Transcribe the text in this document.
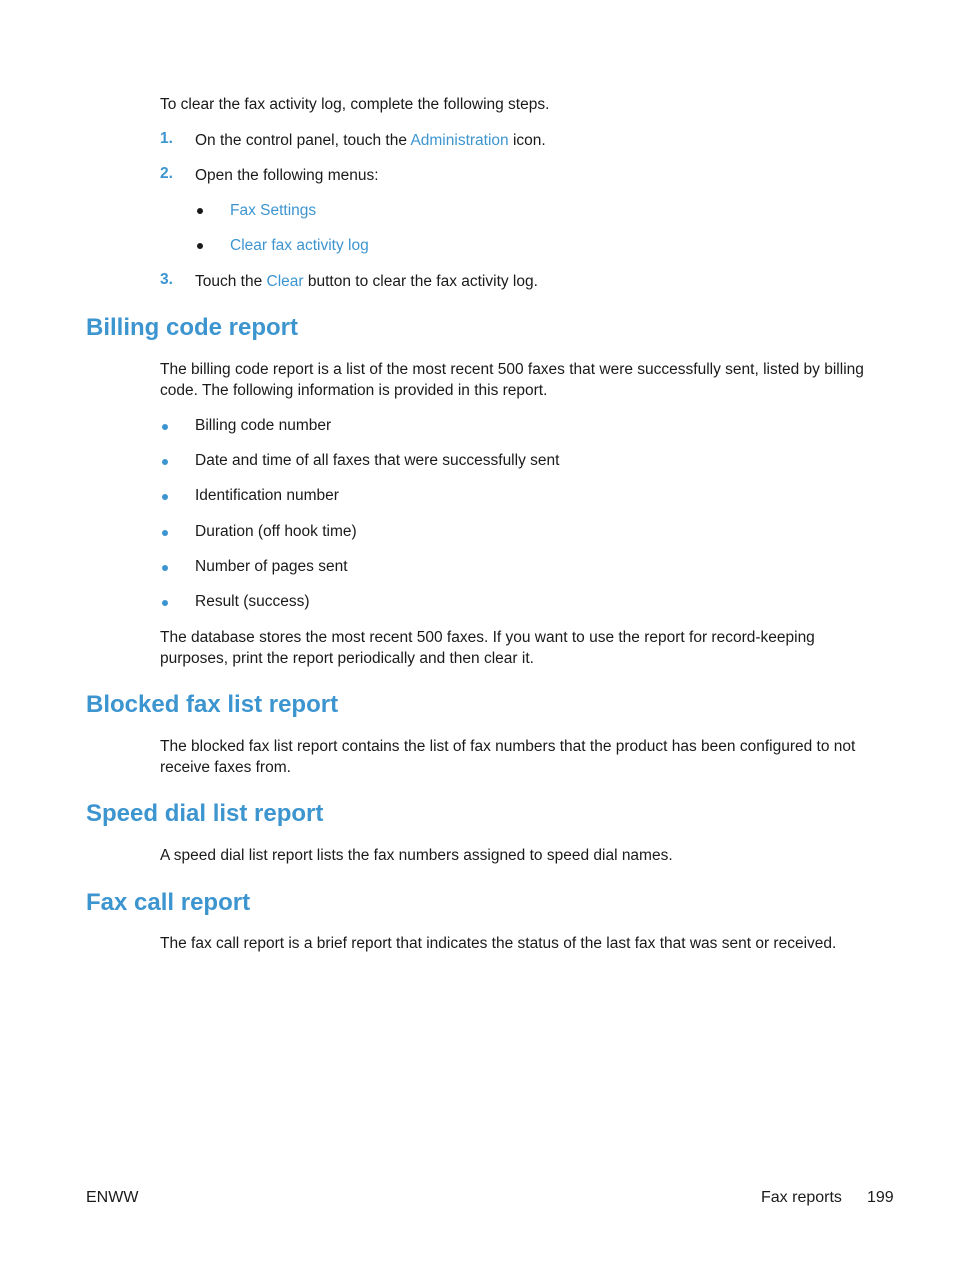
To clear the fax activity log, complete the following steps.
1. On the control panel, touch the Administration icon.
2. Open the following menus:
Fax Settings
Clear fax activity log
3. Touch the Clear button to clear the fax activity log.
Billing code report
The billing code report is a list of the most recent 500 faxes that were successfully sent, listed by billing code. The following information is provided in this report.
Billing code number
Date and time of all faxes that were successfully sent
Identification number
Duration (off hook time)
Number of pages sent
Result (success)
The database stores the most recent 500 faxes. If you want to use the report for record-keeping purposes, print the report periodically and then clear it.
Blocked fax list report
The blocked fax list report contains the list of fax numbers that the product has been configured to not receive faxes from.
Speed dial list report
A speed dial list report lists the fax numbers assigned to speed dial names.
Fax call report
The fax call report is a brief report that indicates the status of the last fax that was sent or received.
ENWW	Fax reports 199
